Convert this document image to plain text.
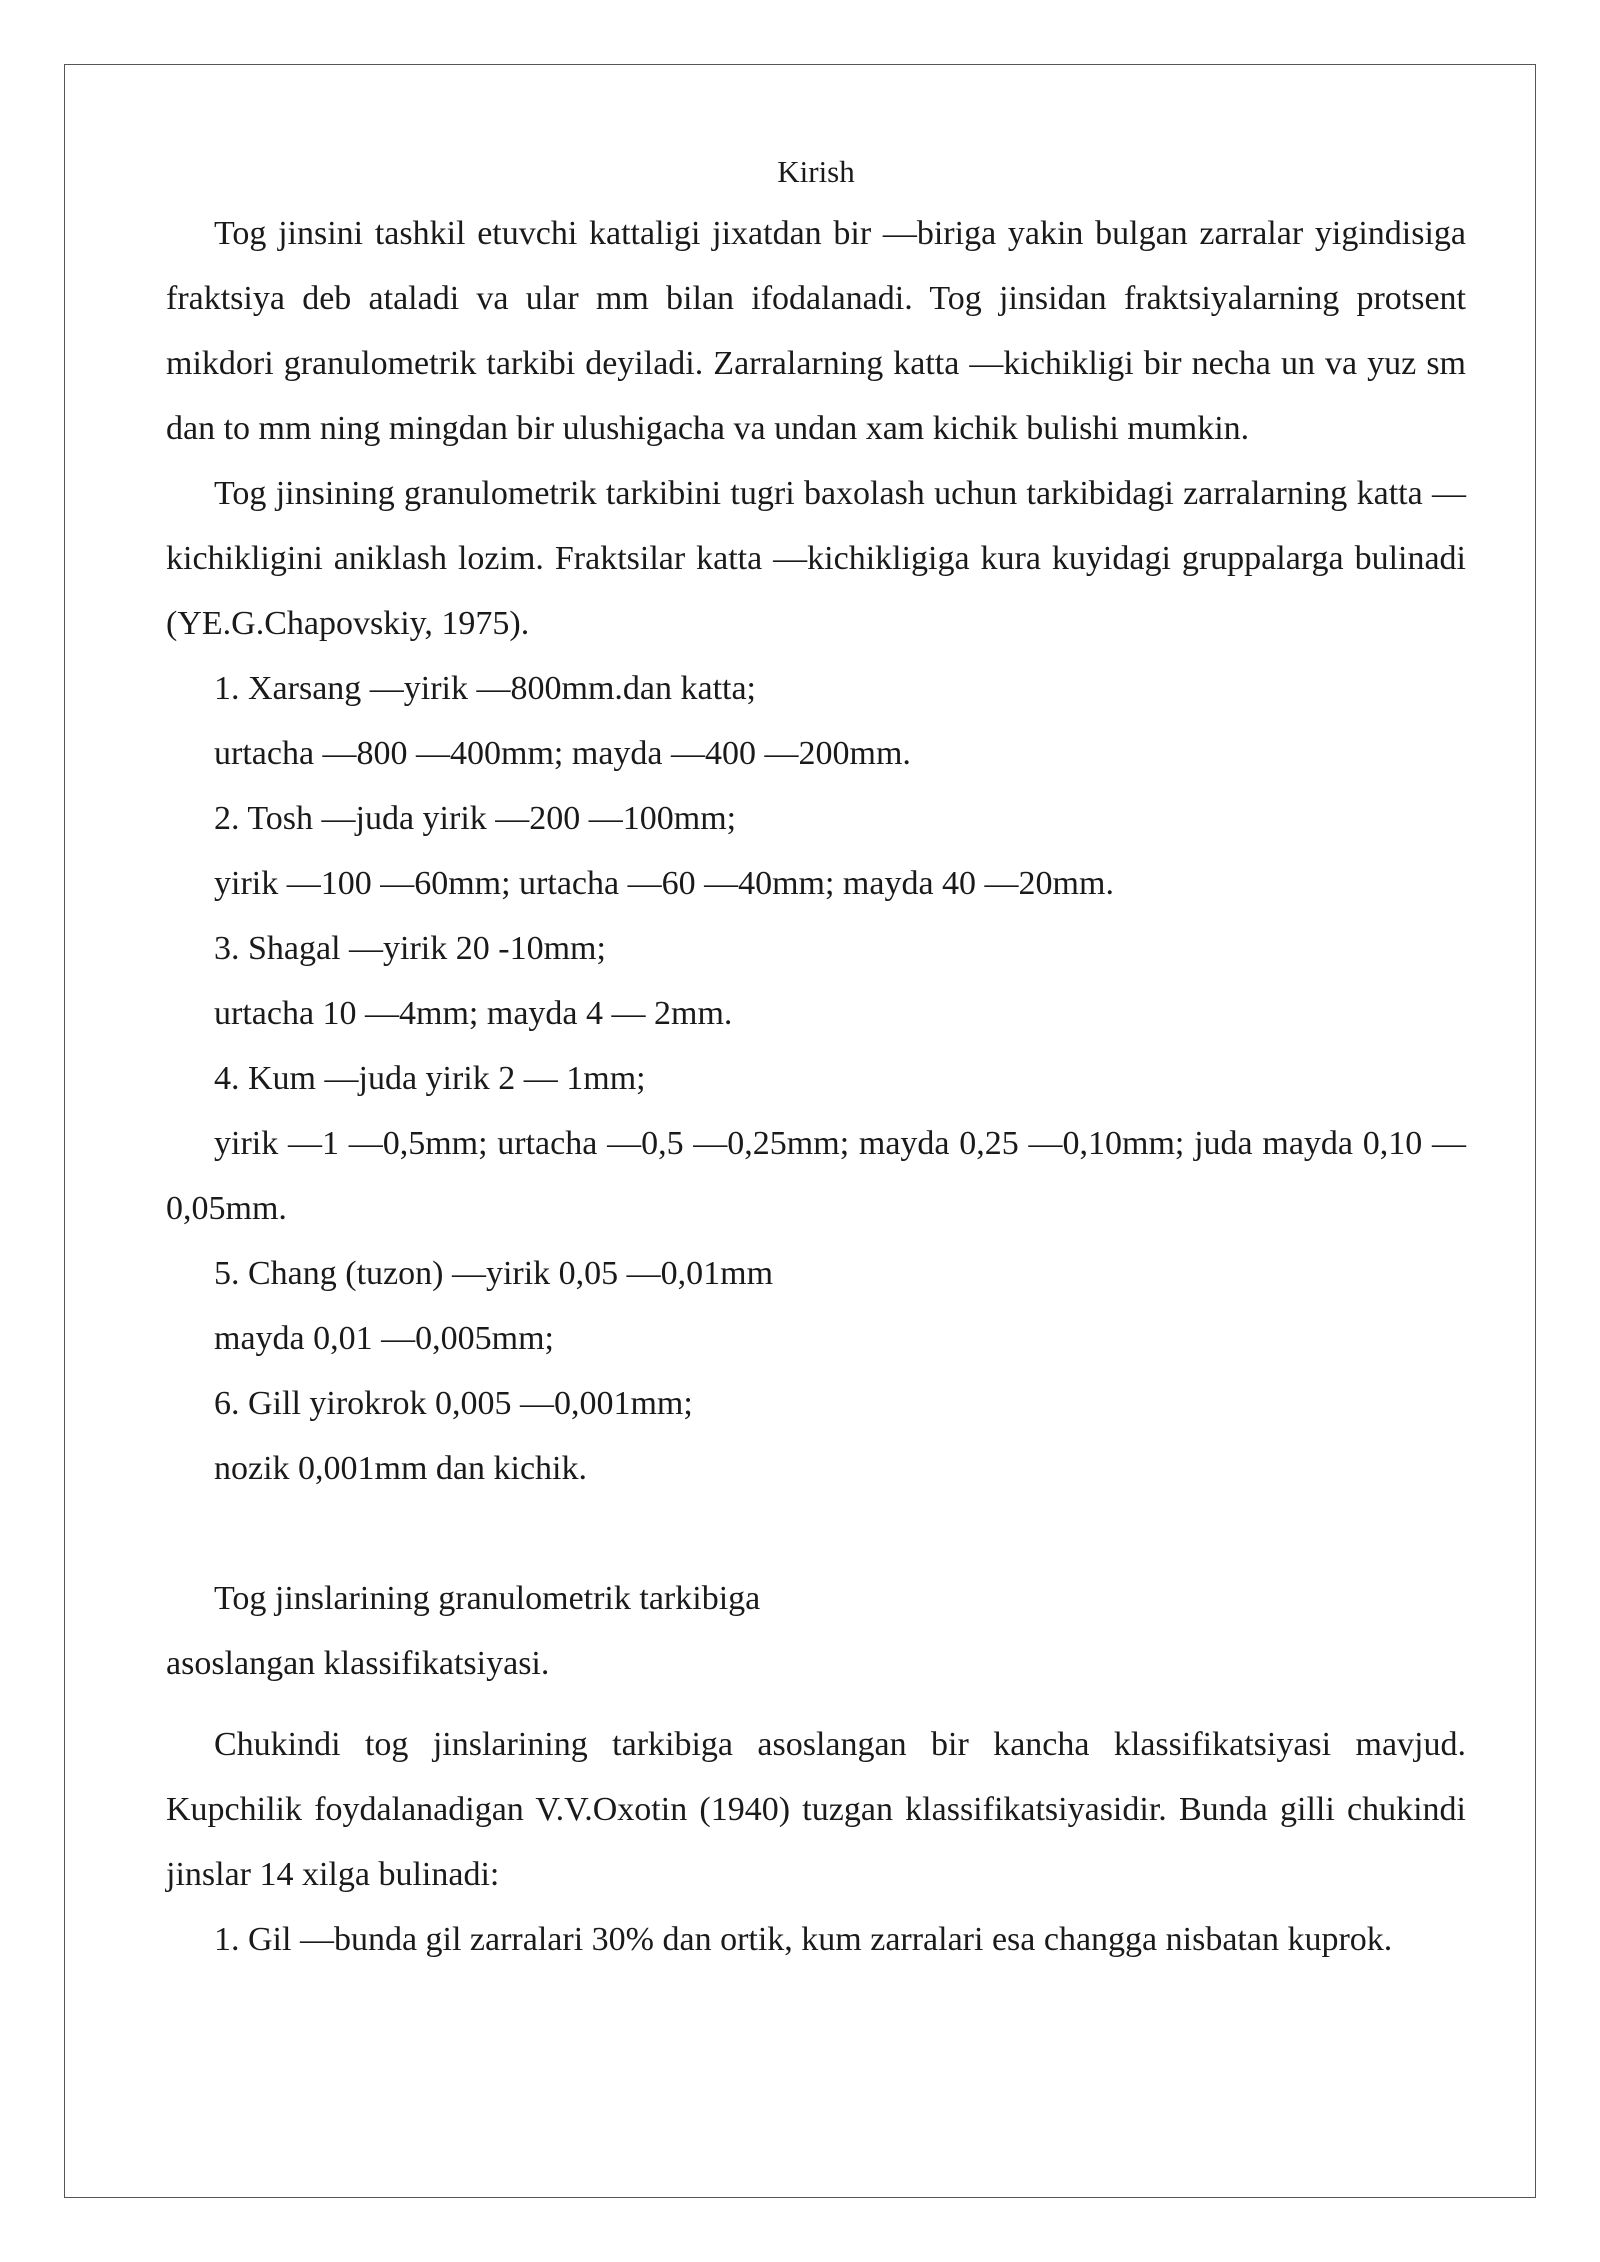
Kirish

Tog jinsini tashkil etuvchi kattaligi jixatdan bir —biriga yakin bulgan zarralar yigindisiga fraktsiya deb ataladi va ular mm bilan ifodalanadi. Tog jinsidan fraktsiyalarning protsent mikdori granulometrik tarkibi deyiladi. Zarralarning katta —kichikligi bir necha un va yuz sm dan to mm ning mingdan bir ulushigacha va undan xam kichik bulishi mumkin.

Tog jinsining granulometrik tarkibini tugri baxolash uchun tarkibidagi zarralarning katta —kichikligini aniklash lozim. Fraktsilar katta —kichikligiga kura kuyidagi gruppalarga bulinadi (YE.G.Chapovskiy, 1975).

1. Xarsang —yirik —800mm.dan katta;

urtacha —800 —400mm; mayda —400 —200mm.

2. Tosh —juda yirik —200 —100mm;

yirik —100 —60mm; urtacha —60 —40mm; mayda 40 —20mm.

3. Shagal —yirik 20 -10mm;

urtacha 10 —4mm; mayda 4 — 2mm.

4. Kum —juda yirik 2 — 1mm;

yirik —1 —0,5mm; urtacha —0,5 —0,25mm; mayda 0,25 —0,10mm; juda mayda 0,10 —0,05mm.

5. Chang (tuzon) —yirik 0,05 —0,01mm

mayda 0,01 —0,005mm;

6. Gill yirokrok 0,005 —0,001mm;

nozik 0,001mm dan kichik.

Tog jinslarining granulometrik tarkibiga
asoslangan klassifikatsiyasi.

Chukindi tog jinslarining tarkibiga asoslangan bir kancha klassifikatsiyasi mavjud. Kupchilik foydalanadigan V.V.Oxotin (1940) tuzgan klassifikatsiyasidir. Bunda gilli chukindi jinslar 14 xilga bulinadi:

1. Gil —bunda gil zarralari 30% dan ortik, kum zarralari esa changga nisbatan kuprok.
